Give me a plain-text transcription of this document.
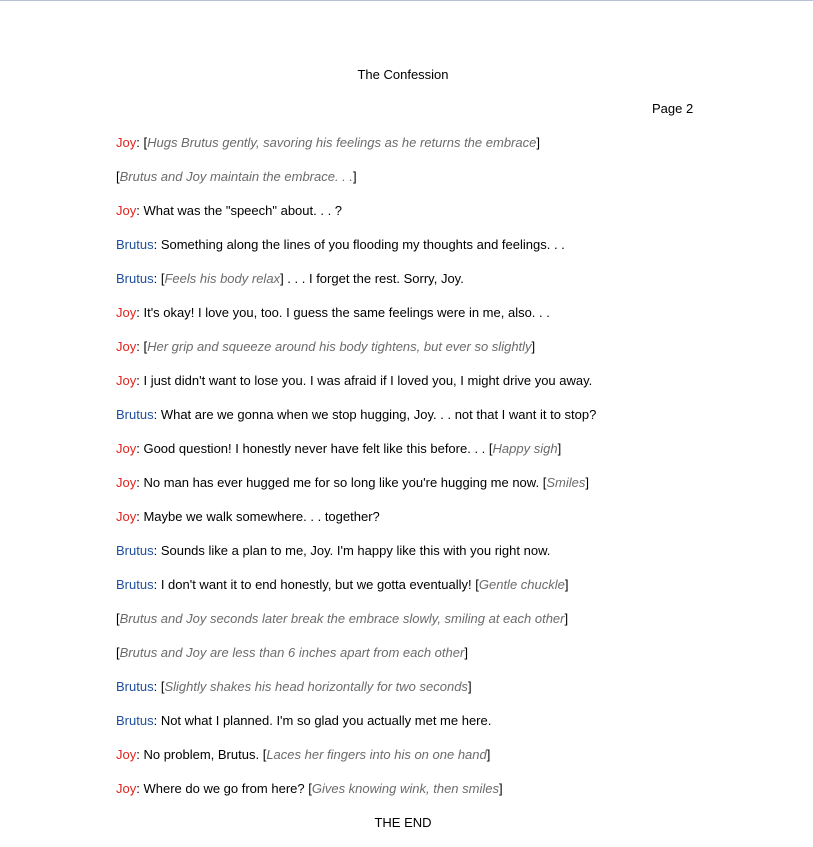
The Confession
Page 2
Joy: [Hugs Brutus gently, savoring his feelings as he returns the embrace]
[Brutus and Joy maintain the embrace. . .]
Joy: What was the "speech" about. . . ?
Brutus: Something along the lines of you flooding my thoughts and feelings. . .
Brutus: [Feels his body relax] . . . I forget the rest. Sorry, Joy.
Joy: It's okay! I love you, too. I guess the same feelings were in me, also. . .
Joy: [Her grip and squeeze around his body tightens, but ever so slightly]
Joy: I just didn't want to lose you. I was afraid if I loved you, I might drive you away.
Brutus: What are we gonna when we stop hugging, Joy. . . not that I want it to stop?
Joy: Good question! I honestly never have felt like this before. . . [Happy sigh]
Joy: No man has ever hugged me for so long like you're hugging me now. [Smiles]
Joy: Maybe we walk somewhere. . . together?
Brutus: Sounds like a plan to me, Joy. I'm happy like this with you right now.
Brutus: I don't want it to end honestly, but we gotta eventually! [Gentle chuckle]
[Brutus and Joy seconds later break the embrace slowly, smiling at each other]
[Brutus and Joy are less than 6 inches apart from each other]
Brutus: [Slightly shakes his head horizontally for two seconds]
Brutus: Not what I planned. I'm so glad you actually met me here.
Joy: No problem, Brutus. [Laces her fingers into his on one hand]
Joy: Where do we go from here? [Gives knowing wink, then smiles]
THE END
